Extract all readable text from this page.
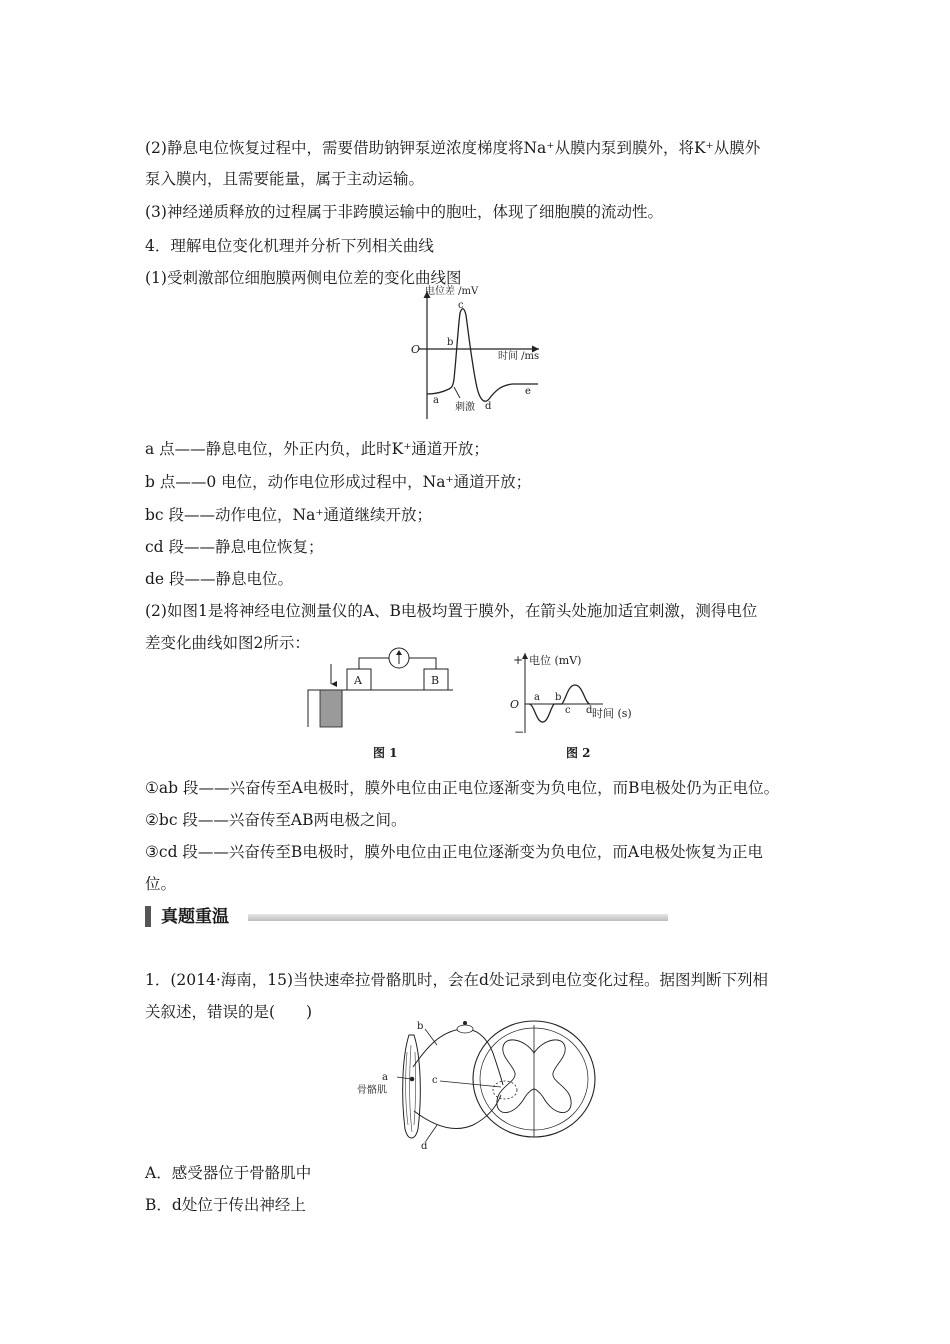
(2)静息电位恢复过程中，需要借助钠钾泵逆浓度梯度将Na⁺从膜内泵到膜外，将K⁺从膜外
泵入膜内，且需要能量，属于主动运输。
(3)神经递质释放的过程属于非跨膜运输中的胞吐，体现了细胞膜的流动性。
4．理解电位变化机理并分析下列相关曲线
(1)受刺激部位细胞膜两侧电位差的变化曲线图
电位差 /mV
时间 /ms
O
a
b
c
d
e
刺激
a 点——静息电位，外正内负，此时K⁺通道开放；
b 点——0 电位，动作电位形成过程中，Na⁺通道开放；
bc 段——动作电位，Na⁺通道继续开放；
cd 段——静息电位恢复；
de 段——静息电位。
(2)如图1是将神经电位测量仪的A、B电极均置于膜外，在箭头处施加适宜刺激，测得电位
差变化曲线如图2所示：
A	B
图 1
+
−
电位 (mV)
时间 (s)
O
a b
c d
图 2
①ab 段——兴奋传至A电极时，膜外电位由正电位逐渐变为负电位，而B电极处仍为正电位。
②bc 段——兴奋传至AB两电极之间。
③cd 段——兴奋传至B电极时，膜外电位由正电位逐渐变为负电位，而A电极处恢复为正电
位。
真题重温
1．(2014·海南，15)当快速牵拉骨骼肌时，会在d处记录到电位变化过程。据图判断下列相
关叙述，错误的是(　　)
a
骨骼肌
b
c
d
A．感受器位于骨骼肌中
B．d处位于传出神经上
